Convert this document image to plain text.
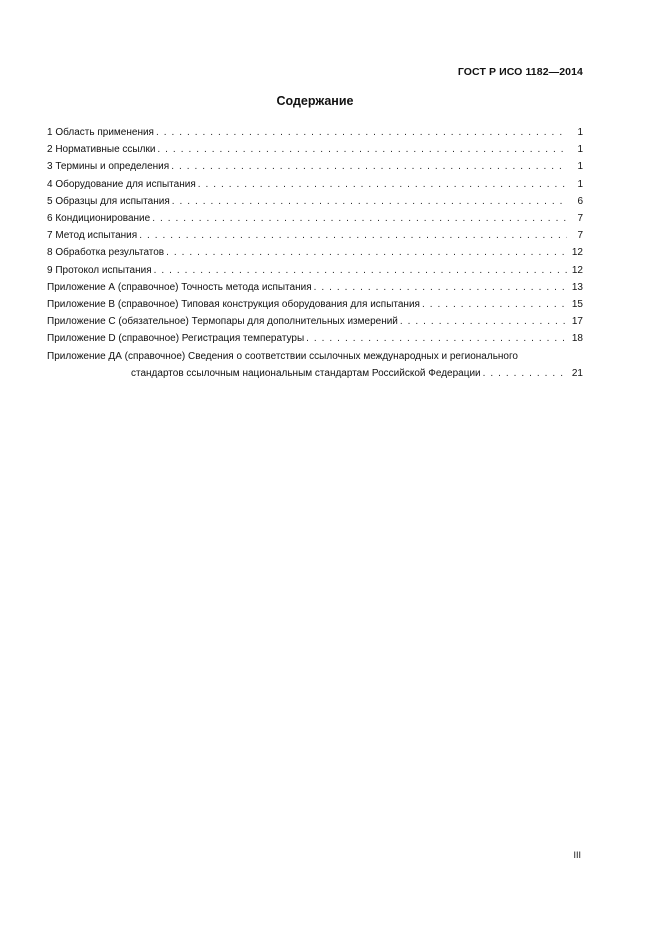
ГОСТ Р ИСО 1182—2014
Содержание
1 Область применения . . .	1
2 Нормативные ссылки . . .	1
3 Термины и определения . . .	1
4 Оборудование для испытания . . .	1
5 Образцы для испытания . . .	6
6 Кондиционирование . . .	7
7 Метод испытания . . .	7
8 Обработка результатов . . .	12
9 Протокол испытания . . .	12
Приложение А (справочное) Точность метода испытания . . .	13
Приложение В (справочное) Типовая конструкция оборудования для испытания . . .	15
Приложение С (обязательное) Термопары для дополнительных измерений . . .	17
Приложение D (справочное) Регистрация температуры . . .	18
Приложение ДА (справочное) Сведения о соответствии ссылочных международных и регионального
стандартов ссылочным национальным стандартам Российской Федерации . . .	21
III
